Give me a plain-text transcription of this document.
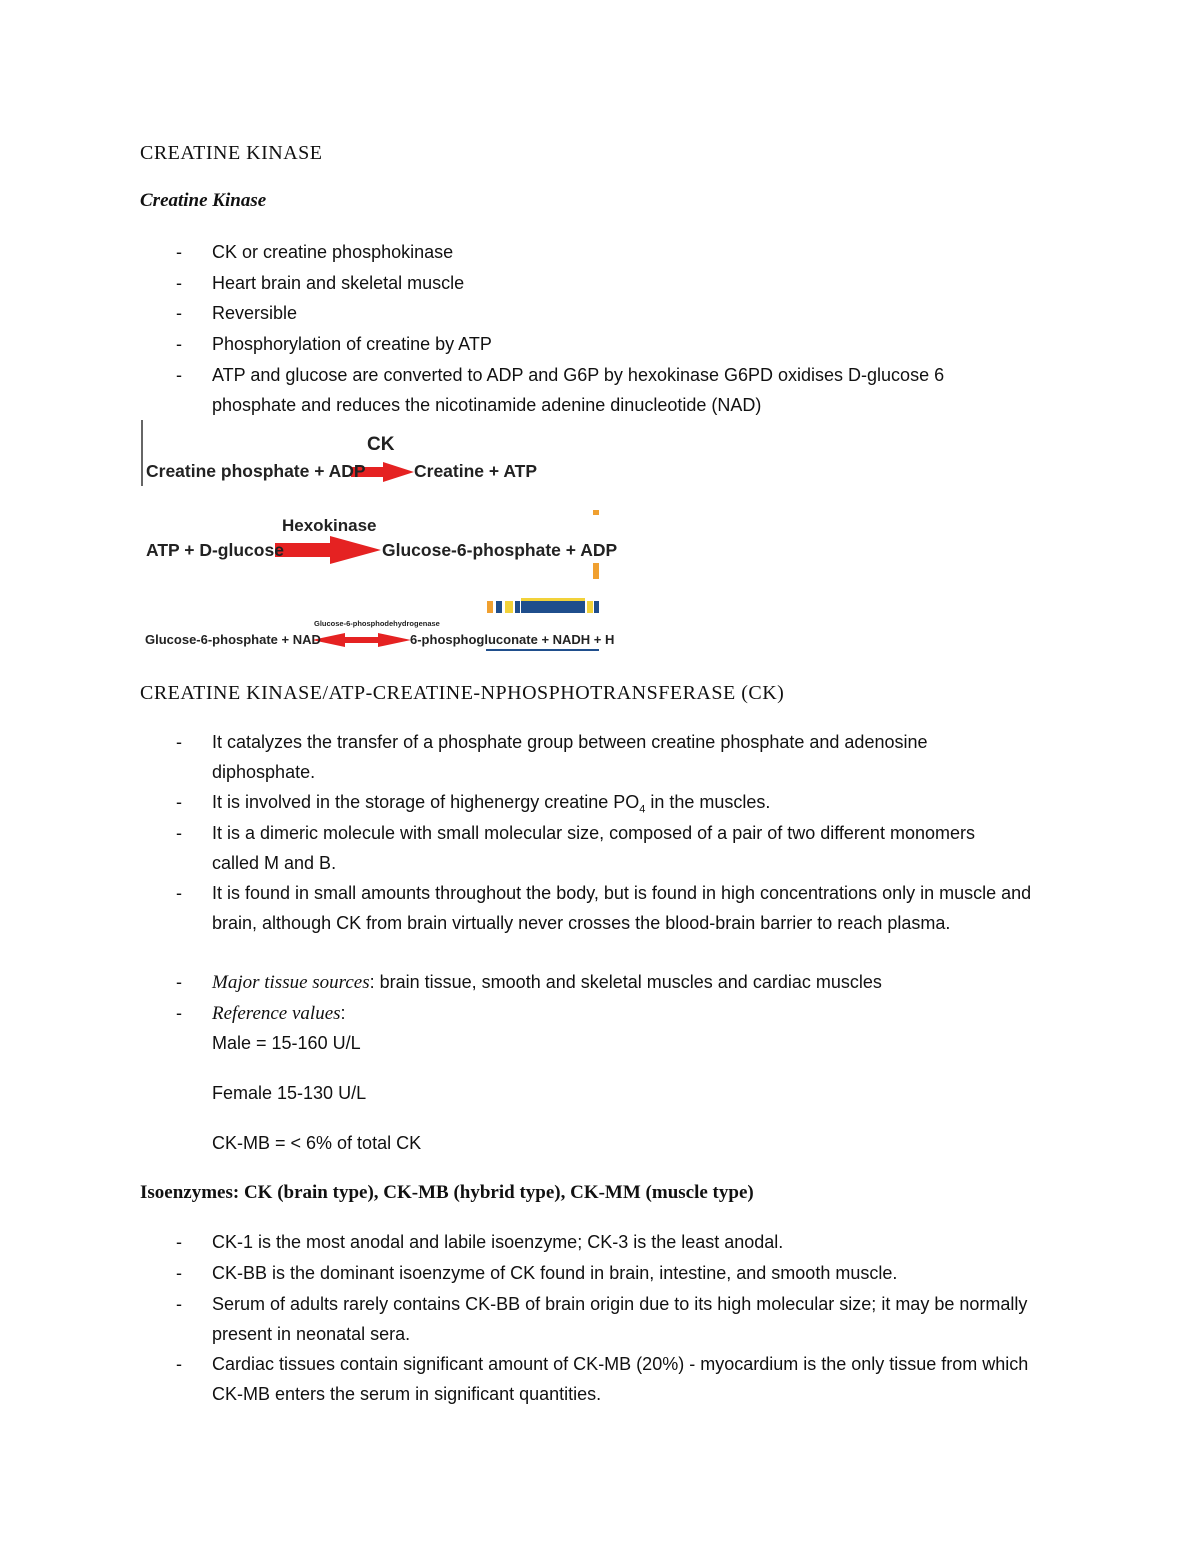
CREATINE KINASE
Creatine Kinase
-	CK or creatine phosphokinase
-	Heart brain and skeletal muscle
-	Reversible
-	Phosphorylation of creatine by ATP
-	ATP and glucose are converted to ADP and G6P by hexokinase G6PD oxidises D-glucose 6 phosphate and reduces the nicotinamide adenine dinucleotide (NAD)
CK
Creatine phosphate + ADP	Creatine + ATP
Hexokinase
ATP + D-glucose	Glucose-6-phosphate + ADP
Glucose-6-phosphodehydrogenase
Glucose-6-phosphate + NAD	6-phosphogluconate + NADH + H
CREATINE KINASE/ATP-CREATINE-NPHOSPHOTRANSFERASE (CK)
-	It catalyzes the transfer of a phosphate group between creatine phosphate and adenosine diphosphate.
-	It is involved in the storage of highenergy creatine $PO_4$ in the muscles.
-	It is a dimeric molecule with small molecular size, composed of a pair of two different monomers called M and B.
-	It is found in small amounts throughout the body, but is found in high concentrations only in muscle and brain, although CK from brain virtually never crosses the blood-brain barrier to reach plasma.
-	Major tissue sources: brain tissue, smooth and skeletal muscles and cardiac muscles
-	Reference values:
Male = 15-160 U/L
Female 15-130 U/L
CK-MB = < 6% of total CK
Isoenzymes: CK (brain type), CK-MB (hybrid type), CK-MM (muscle type)
-	CK-1 is the most anodal and labile isoenzyme; CK-3 is the least anodal.
-	CK-BB is the dominant isoenzyme of CK found in brain, intestine, and smooth muscle.
-	Serum of adults rarely contains CK-BB of brain origin due to its high molecular size; it may be normally present in neonatal sera.
-	Cardiac tissues contain significant amount of CK-MB (20%) - myocardium is the only tissue from which CK-MB enters the serum in significant quantities.
